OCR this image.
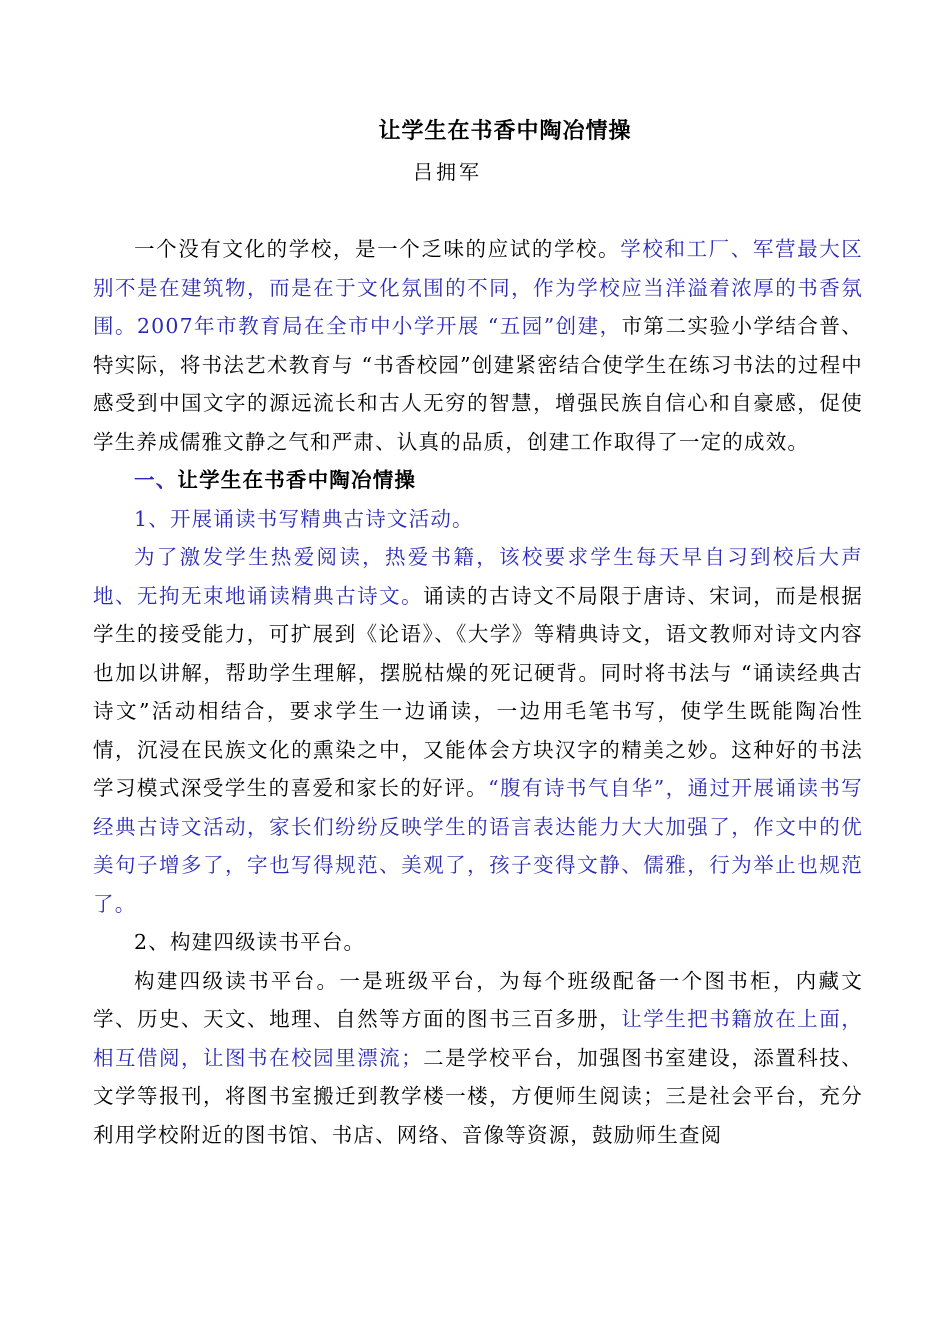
让学生在书香中陶冶情操
吕拥军

一个没有文化的学校，是一个乏味的应试的学校。学校和工厂、军营最大区别不是在建筑物，而是在于文化氛围的不同，作为学校应当洋溢着浓厚的书香氛围。2007年市教育局在全市中小学开展 “五园”创建，市第二实验小学结合普、特实际，将书法艺术教育与 “书香校园”创建紧密结合使学生在练习书法的过程中感受到中国文字的源远流长和古人无穷的智慧，增强民族自信心和自豪感，促使学生养成儒雅文静之气和严肃、认真的品质，创建工作取得了一定的成效。

一、让学生在书香中陶冶情操

1、开展诵读书写精典古诗文活动。

为了激发学生热爱阅读，热爱书籍，该校要求学生每天早自习到校后大声地、无拘无束地诵读精典古诗文。诵读的古诗文不局限于唐诗、宋词，而是根据学生的接受能力，可扩展到《论语》、《大学》等精典诗文，语文教师对诗文内容也加以讲解，帮助学生理解，摆脱枯燥的死记硬背。同时将书法与 “诵读经典古诗文”活动相结合，要求学生一边诵读，一边用毛笔书写，使学生既能陶冶性情，沉浸在民族文化的熏染之中，又能体会方块汉字的精美之妙。这种好的书法学习模式深受学生的喜爱和家长的好评。“腹有诗书气自华”，通过开展诵读书写经典古诗文活动，家长们纷纷反映学生的语言表达能力大大加强了，作文中的优美句子增多了，字也写得规范、美观了，孩子变得文静、儒雅，行为举止也规范了。

2、构建四级读书平台。

构建四级读书平台。一是班级平台，为每个班级配备一个图书柜，内藏文学、历史、天文、地理、自然等方面的图书三百多册，让学生把书籍放在上面，相互借阅，让图书在校园里漂流；二是学校平台，加强图书室建设，添置科技、文学等报刊，将图书室搬迁到教学楼一楼，方便师生阅读；三是社会平台，充分利用学校附近的图书馆、书店、网络、音像等资源，鼓励师生查阅
